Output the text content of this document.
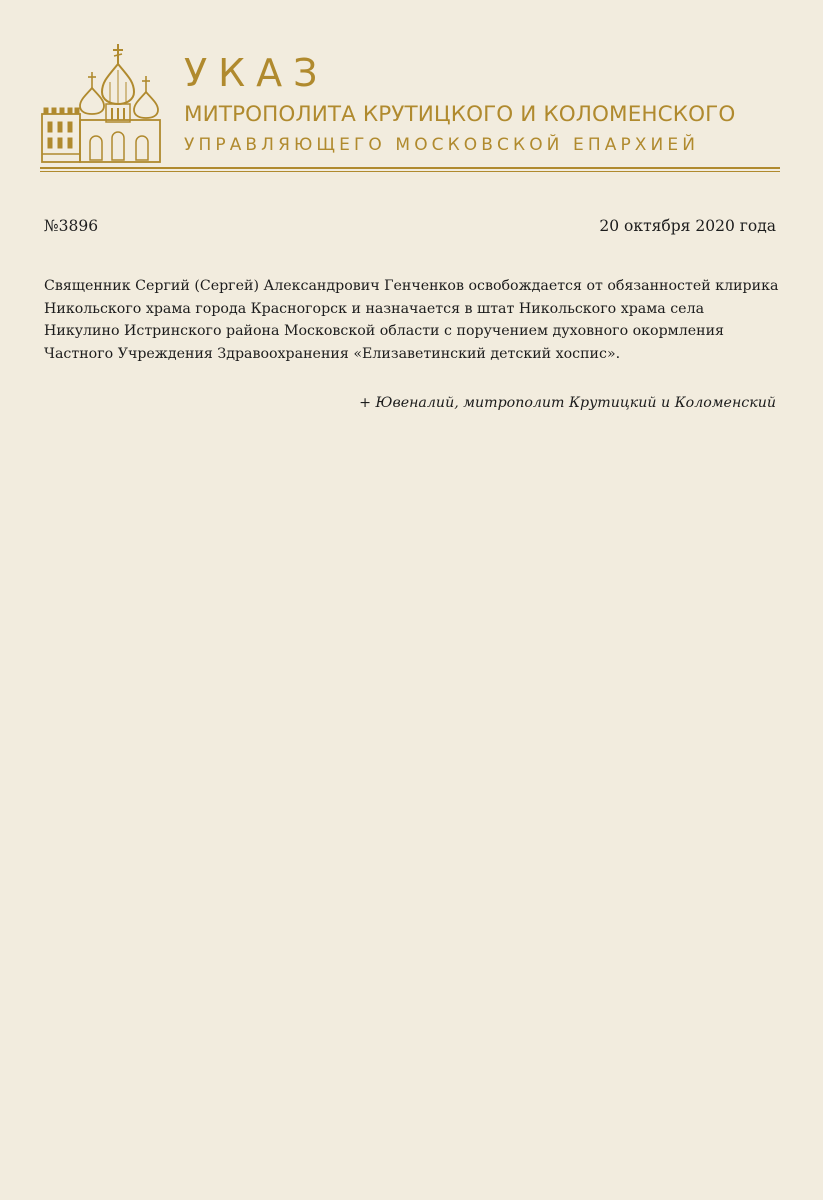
УКАЗ
МИТРОПОЛИТА КРУТИЦКОГО И КОЛОМЕНСКОГО
УПРАВЛЯЮЩЕГО МОСКОВСКОЙ ЕПАРХИЕЙ
№3896	20 октября 2020 года

Священник Сергий (Сергей) Александрович Генченков освобождается от обязанностей клирика Никольского храма города Красногорск и назначается в штат Никольского храма села Никулино Истринского района Московской области с поручением духовного окормления Частного Учреждения Здравоохранения «Елизаветинский детский хоспис».

+ Ювеналий, митрополит Крутицкий и Коломенский
